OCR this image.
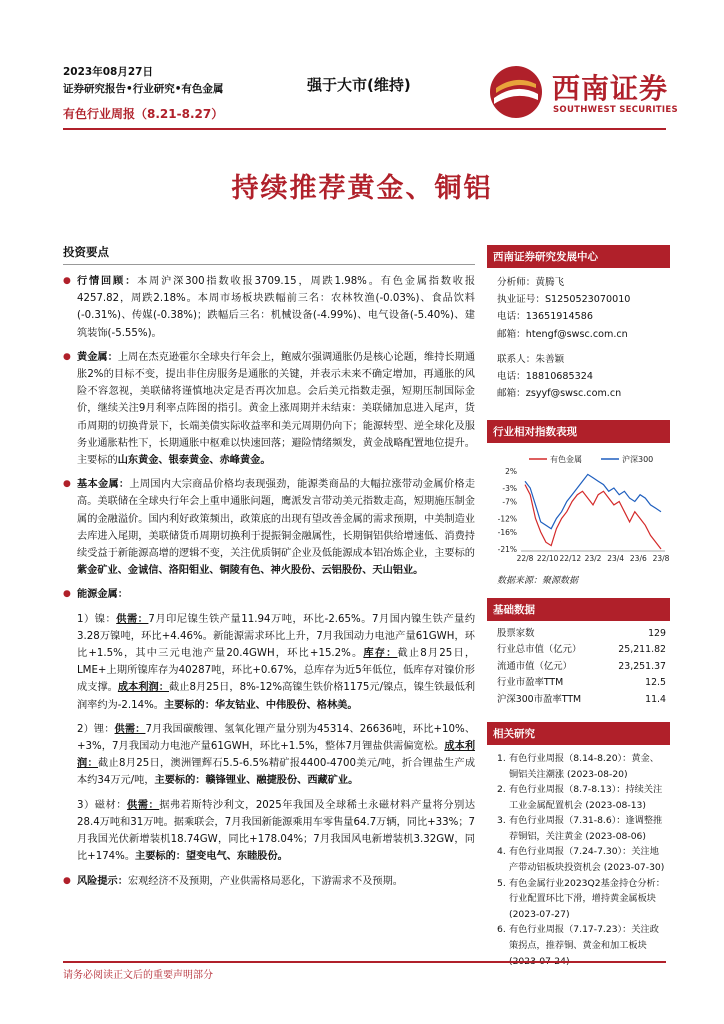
2023年08月27日
证券研究报告•行业研究•有色金属
有色行业周报（8.21-8.27）
强于大市(维持)	西南证券
SOUTHWEST SECURITIES
持续推荐黄金、铜铝
投资要点
● 行情回顾：本周沪深300指数收报3709.15，周跌1.98%。有色金属指数收报4257.82，周跌2.18%。本周市场板块跌幅前三名：农林牧渔(-0.03%)、食品饮料(-0.31%)、传媒(-0.38%)；跌幅后三名：机械设备(-4.99%)、电气设备(-5.40%)、建筑装饰(-5.55%)。
● 黄金属：上周在杰克逊霍尔全球央行年会上，鲍威尔强调通胀仍是核心论题，维持长期通胀2%的目标不变，提出非住房服务是通胀的关键，并表示未来不确定增加，再通胀的风险不容忽视，美联储将谨慎地决定是否再次加息。会后美元指数走强，短期压制国际金价，继续关注9月利率点阵图的指引。黄金上涨周期并未结束：美联储加息进入尾声，货币周期的切换背景下，长端美债实际收益率和美元周期仍向下；能源转型、逆全球化及服务业通胀粘性下，长期通胀中枢难以快速回落；避险情绪频发，黄金战略配置地位提升。主要标的山东黄金、银泰黄金、赤峰黄金。
● 基本金属：上周国内大宗商品价格均表现强劲，能源类商品的大幅拉涨带动金属价格走高。美联储在全球央行年会上重申通胀问题，鹰派发言带动美元指数走高，短期施压制金属的金融溢价。国内利好政策频出，政策底的出现有望改善金属的需求预期，中美制造业去库进入尾期，美联储货币周期切换利于提振铜金融属性，长期铜铝供给增速低、消费持续受益于新能源高增的逻辑不变，关注优质铜矿企业及低能源成本铝冶炼企业，主要标的紫金矿业、金诚信、洛阳钼业、铜陵有色、神火股份、云铝股份、天山铝业。
● 能源金属：
1）镍：供需：7月印尼镍生铁产量11.94万吨，环比-2.65%。7月国内镍生铁产量约3.28万镍吨，环比+4.46%。新能源需求环比上升，7月我国动力电池产量61GWH，环比+1.5%，其中三元电池产量20.4GWH，环比+15.2%。库存：截止8月25日，LME+上期所镍库存为40287吨，环比+0.67%，总库存为近5年低位，低库存对镍价形成支撑。成本利润：截止8月25日，8%-12%高镍生铁价格1175元/镍点，镍生铁最低利润率约为-2.14%。主要标的：华友钴业、中伟股份、格林美。
2）锂：供需：7月我国碳酸锂、氢氧化锂产量分别为45314、26636吨，环比+10%、+3%，7月我国动力电池产量61GWH，环比+1.5%，整体7月锂盐供需偏宽松。成本利润：截止8月25日，澳洲锂辉石5.5-6.5%精矿报4400-4700美元/吨，折合锂盐生产成本约34万元/吨，主要标的：赣锋锂业、融捷股份、西藏矿业。
3）磁材：供需：据弗若斯特沙利文，2025年我国及全球稀土永磁材料产量将分别达28.4万吨和31万吨。据乘联会，7月我国新能源乘用车零售量64.7万辆，同比+33%；7月我国光伏新增装机18.74GW，同比+178.04%；7月我国风电新增装机3.32GW，同比+174%。主要标的：望变电气、东睦股份。
● 风险提示：宏观经济不及预期，产业供需格局恶化，下游需求不及预期。
西南证券研究发展中心
分析师：黄腾飞
执业证号：S1250523070010
电话：13651914586
邮箱：htengf@swsc.com.cn
联系人：朱善颖
电话：18810685324
邮箱：zsyyf@swsc.com.cn
行业相对指数表现
有色金属	沪深300
2%
-3%
-7%
-12%
-16%
-21%
22/8 22/10 22/12 23/2 23/4 23/6 23/8
数据来源：聚源数据
基础数据
股票家数	129
行业总市值（亿元）	25,211.82
流通市值（亿元）	23,251.37
行业市盈率TTM	12.5
沪深300市盈率TTM	11.4
相关研究
1. 有色行业周报（8.14-8.20）：黄金、铜铝关注潮涨 (2023-08-20)
2. 有色行业周报（8.7-8.13）：持续关注工业金属配置机会 (2023-08-13)
3. 有色行业周报（7.31-8.6）：逢调整推荐铜铝，关注黄金 (2023-08-06)
4. 有色行业周报（7.24-7.30）：关注地产带动铝板块投资机会 (2023-07-30)
5. 有色金属行业2023Q2基金持仓分析：行业配置环比下滑，增持黄金属板块 (2023-07-27)
6. 有色行业周报（7.17-7.23）：关注政策拐点，推荐铜、黄金和加工板块
请务必阅读正文后的重要声明部分
